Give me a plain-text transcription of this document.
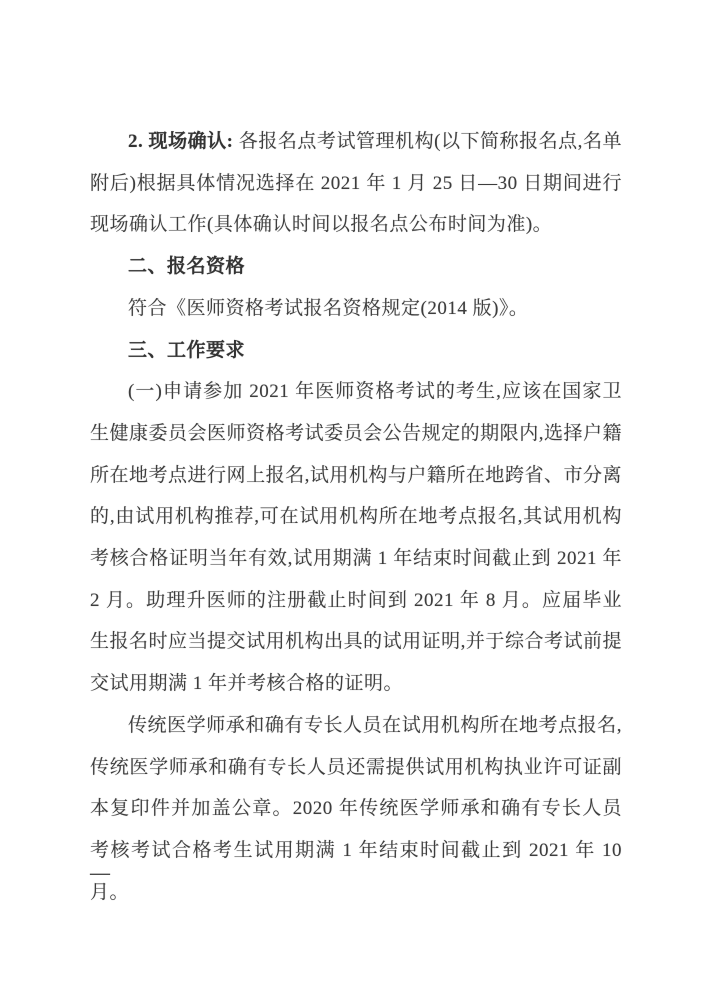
2. 现场确认: 各报名点考试管理机构(以下简称报名点,名单附后)根据具体情况选择在 2021 年 1 月 25 日—30 日期间进行现场确认工作(具体确认时间以报名点公布时间为准)。

二、报名资格

符合《医师资格考试报名资格规定(2014 版)》。

三、工作要求

(一)申请参加 2021 年医师资格考试的考生,应该在国家卫生健康委员会医师资格考试委员会公告规定的期限内,选择户籍所在地考点进行网上报名,试用机构与户籍所在地跨省、市分离的,由试用机构推荐,可在试用机构所在地考点报名,其试用机构考核合格证明当年有效,试用期满 1 年结束时间截止到 2021 年 2 月。助理升医师的注册截止时间到 2021 年 8 月。应届毕业生报名时应当提交试用机构出具的试用证明,并于综合考试前提交试用期满 1 年并考核合格的证明。

传统医学师承和确有专长人员在试用机构所在地考点报名,传统医学师承和确有专长人员还需提供试用机构执业许可证副本复印件并加盖公章。2020 年传统医学师承和确有专长人员考核考试合格考生试用期满 1 年结束时间截止到 2021 年 10 月。

—
